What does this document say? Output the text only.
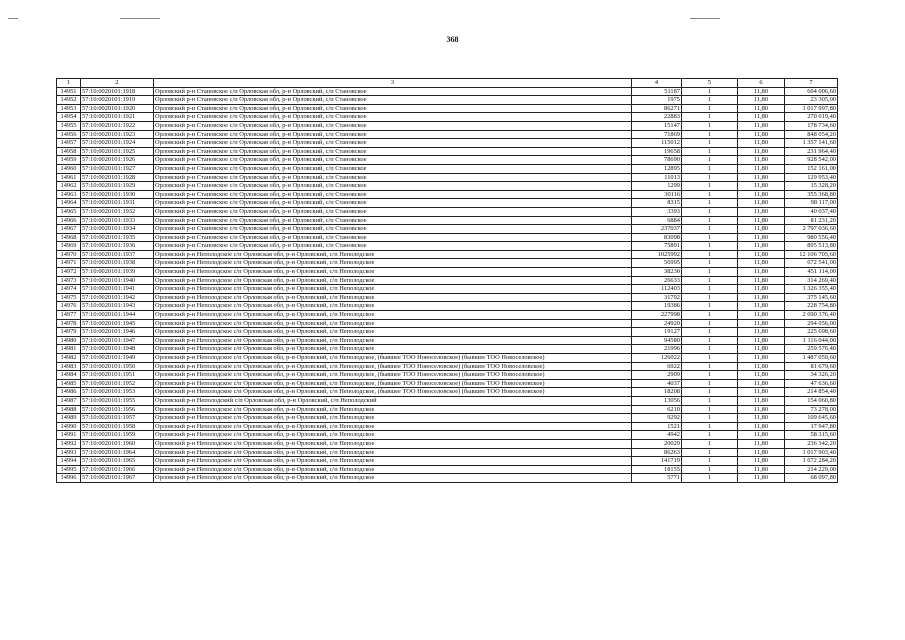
368
1	2	3	4	5	6	7
14951	57:10:0020101:1918	Орловский р-н Становское с/п Орловская обл, р-н Орловский, с/п Становское	51187	1	11,80	604 006,60
14952	57:10:0020101:1919	Орловский р-н Становское с/п Орловская обл, р-н Орловский, с/п Становское	1975	1	11,80	23 305,00
14953	57:10:0020101:1920	Орловский р-н Становское с/п Орловская обл, р-н Орловский, с/п Становское	86271	1	11,80	1 017 997,80
14954	57:10:0020101:1921	Орловский р-н Становское с/п Орловская обл, р-н Орловский, с/п Становское	22883	1	11,80	270 019,40
14955	57:10:0020101:1922	Орловский р-н Становское с/п Орловская обл, р-н Орловский, с/п Становское	15147	1	11,80	178 734,60
14956	57:10:0020101:1923	Орловский р-н Становское с/п Орловская обл, р-н Орловский, с/п Становское	71869	1	11,80	848 054,20
14957	57:10:0020101:1924	Орловский р-н Становское с/п Орловская обл, р-н Орловский, с/п Становское	115012	1	11,80	1 357 141,60
14958	57:10:0020101:1925	Орловский р-н Становское с/п Орловская обл, р-н Орловский, с/п Становское	19658	1	11,80	231 964,40
14959	57:10:0020101:1926	Орловский р-н Становское с/п Орловская обл, р-н Орловский, с/п Становское	78690	1	11,80	928 542,00
14960	57:10:0020101:1927	Орловский р-н Становское с/п Орловская обл, р-н Орловский, с/п Становское	12895	1	11,80	152 161,00
14961	57:10:0020101:1928	Орловский р-н Становское с/п Орловская обл, р-н Орловский, с/п Становское	11013	1	11,80	129 953,40
14962	57:10:0020101:1929	Орловский р-н Становское с/п Орловская обл, р-н Орловский, с/п Становское	1299	1	11,80	15 328,20
14963	57:10:0020101:1930	Орловский р-н Становское с/п Орловская обл, р-н Орловский, с/п Становское	30116	1	11,80	355 368,80
14964	57:10:0020101:1931	Орловский р-н Становское с/п Орловская обл, р-н Орловский, с/п Становское	8315	1	11,80	98 117,00
14965	57:10:0020101:1932	Орловский р-н Становское с/п Орловская обл, р-н Орловский, с/п Становское	3393	1	11,80	40 037,40
14966	57:10:0020101:1933	Орловский р-н Становское с/п Орловская обл, р-н Орловский, с/п Становское	6884	1	11,80	81 231,20
14967	57:10:0020101:1934	Орловский р-н Становское с/п Орловская обл, р-н Орловский, с/п Становское	237037	1	11,80	2 797 036,60
14968	57:10:0020101:1935	Орловский р-н Становское с/п Орловская обл, р-н Орловский, с/п Становское	83098	1	11,80	980 556,40
14969	57:10:0020101:1936	Орловский р-н Становское с/п Орловская обл, р-н Орловский, с/п Становское	75891	1	11,80	895 513,80
14970	57:10:0020101:1937	Орловский р-н Неполодское с/п Орловская обл, р-н Орловский, с/п Неполодское	1025992	1	11,80	12 106 705,60
14971	57:10:0020101:1938	Орловский р-н Неполодское с/п Орловская обл, р-н Орловский, с/п Неполодское	56995	1	11,80	672 541,00
14972	57:10:0020101:1939	Орловский р-н Неполодское с/п Орловская обл, р-н Орловский, с/п Неполодское	38230	1	11,80	451 114,00
14973	57:10:0020101:1940	Орловский р-н Неполодское с/п Орловская обл, р-н Орловский, с/п Неполодское	26633	1	11,80	314 269,40
14974	57:10:0020101:1941	Орловский р-н Неполодское с/п Орловская обл, р-н Орловский, с/п Неполодское	112403	1	11,80	1 326 355,40
14975	57:10:0020101:1942	Орловский р-н Неполодское с/п Орловская обл, р-н Орловский, с/п Неполодское	31792	1	11,80	375 145,60
14976	57:10:0020101:1943	Орловский р-н Неполодское с/п Орловская обл, р-н Орловский, с/п Неполодское	19386	1	11,80	228 754,80
14977	57:10:0020101:1944	Орловский р-н Неполодское с/п Орловская обл, р-н Орловский, с/п Неполодское	227998	1	11,80	2 690 376,40
14978	57:10:0020101:1945	Орловский р-н Неполодское с/п Орловская обл, р-н Орловский, с/п Неполодское	24920	1	11,80	294 056,00
14979	57:10:0020101:1946	Орловский р-н Неполодское с/п Орловская обл, р-н Орловский, с/п Неполодское	19127	1	11,80	225 698,60
14980	57:10:0020101:1947	Орловский р-н Неполодское с/п Орловская обл, р-н Орловский, с/п Неполодское	94580	1	11,80	1 116 044,00
14981	57:10:0020101:1948	Орловский р-н Неполодское с/п Орловская обл, р-н Орловский, с/п Неполодское	21996	1	11,80	259 576,40
14982	57:10:0020101:1949	Орловский р-н Неполодское с/п Орловская обл, р-н Орловский, с/п Неполодское, (бывшее ТОО Новоселовское) (бывшее ТОО Новоселовское)	126022	1	11,80	1 487 059,60
14983	57:10:0020101:1950	Орловский р-н Неполодское с/п Орловская обл, р-н Орловский, с/п Неполодское, (бывшее ТОО Новоселовское) (бывшее ТОО Новоселовское)	6922	1	11,80	81 679,60
14984	57:10:0020101:1951	Орловский р-н Неполодское с/п Орловская обл, р-н Орловский, с/п Неполодское, (бывшее ТОО Новоселовское) (бывшее ТОО Новоселовское)	2909	1	11,80	34 326,20
14985	57:10:0020101:1952	Орловский р-н Неполодское с/п Орловская обл, р-н Орловский, с/п Неполодское, (бывшее ТОО Новоселовское) (бывшее ТОО Новоселовское)	4037	1	11,80	47 636,60
14986	57:10:0020101:1953	Орловский р-н Неполодское с/п Орловская обл, р-н Орловский, с/п Неполодское, (бывшее ТОО Новоселовское) (бывшее ТОО Новоселовское)	18208	1	11,80	214 854,40
14987	57:10:0020101:1955	Орловский р-н Неполодский с/п Орловская обл, р-н Орловский, с/п Неполодский	13056	1	11,80	154 060,80
14988	57:10:0020101:1956	Орловский р-н Неполодское с/п Орловская обл, р-н Орловский, с/п Неполодское	6210	1	11,80	73 278,00
14989	57:10:0020101:1957	Орловский р-н Неполодское с/п Орловская обл, р-н Орловский, с/п Неполодское	9292	1	11,80	109 645,60
14990	57:10:0020101:1958	Орловский р-н Неполодское с/п Орловская обл, р-н Орловский, с/п Неполодское	1521	1	11,80	17 947,80
14991	57:10:0020101:1959	Орловский р-н Неполодское с/п Орловская обл, р-н Орловский, с/п Неполодское	4942	1	11,80	58 315,60
14992	57:10:0020101:1960	Орловский р-н Неполодское с/п Орловская обл, р-н Орловский, с/п Неполодское	20029	1	11,80	236 342,20
14993	57:10:0020101:1964	Орловский р-н Неполодское с/п Орловская обл, р-н Орловский, с/п Неполодское	86263	1	11,80	1 017 903,40
14994	57:10:0020101:1965	Орловский р-н Неполодское с/п Орловская обл, р-н Орловский, с/п Неполодское	141719	1	11,80	1 672 284,20
14995	57:10:0020101:1966	Орловский р-н Неполодское с/п Орловская обл, р-н Орловский, с/п Неполодское	18155	1	11,80	214 229,00
14996	57:10:0020101:1967	Орловский р-н Неполодское с/п Орловская обл, р-н Орловский, с/п Неполодское	5771	1	11,80	68 097,80
